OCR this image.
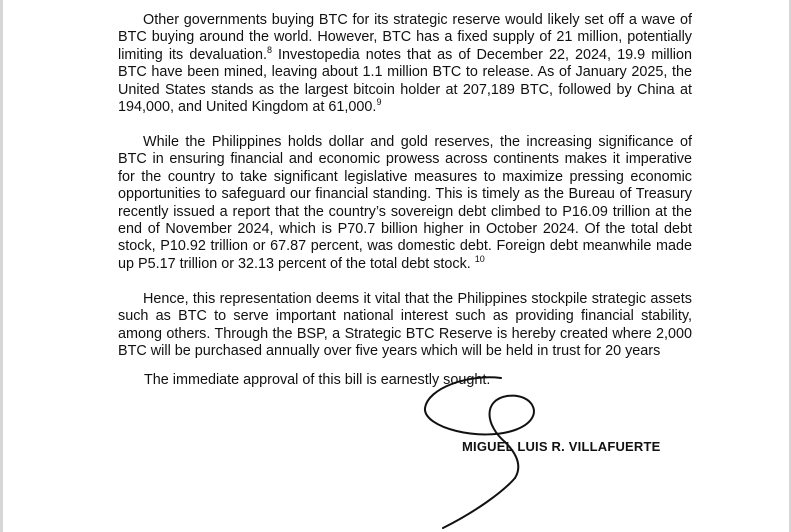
Other governments buying BTC for its strategic reserve would likely set off a wave of BTC buying around the world. However, BTC has a fixed supply of 21 million, potentially limiting its devaluation.$^8$ Investopedia notes that as of December 22, 2024, 19.9 million BTC have been mined, leaving about 1.1 million BTC to release. As of January 2025, the United States stands as the largest bitcoin holder at 207,189 BTC, followed by China at 194,000, and United Kingdom at 61,000.$^9$

While the Philippines holds dollar and gold reserves, the increasing significance of BTC in ensuring financial and economic prowess across continents makes it imperative for the country to take significant legislative measures to maximize pressing economic opportunities to safeguard our financial standing. This is timely as the Bureau of Treasury recently issued a report that the country’s sovereign debt climbed to P16.09 trillion at the end of November 2024, which is P70.7 billion higher in October 2024. Of the total debt stock, P10.92 trillion or 67.87 percent, was domestic debt. Foreign debt meanwhile made up P5.17 trillion or 32.13 percent of the total debt stock. $^{10}$

Hence, this representation deems it vital that the Philippines stockpile strategic assets such as BTC to serve important national interest such as providing financial stability, among others. Through the BSP, a Strategic BTC Reserve is hereby created where 2,000 BTC will be purchased annually over five years which will be held in trust for 20 years

The immediate approval of this bill is earnestly sought.

MIGUEL LUIS R. VILLAFUERTE
